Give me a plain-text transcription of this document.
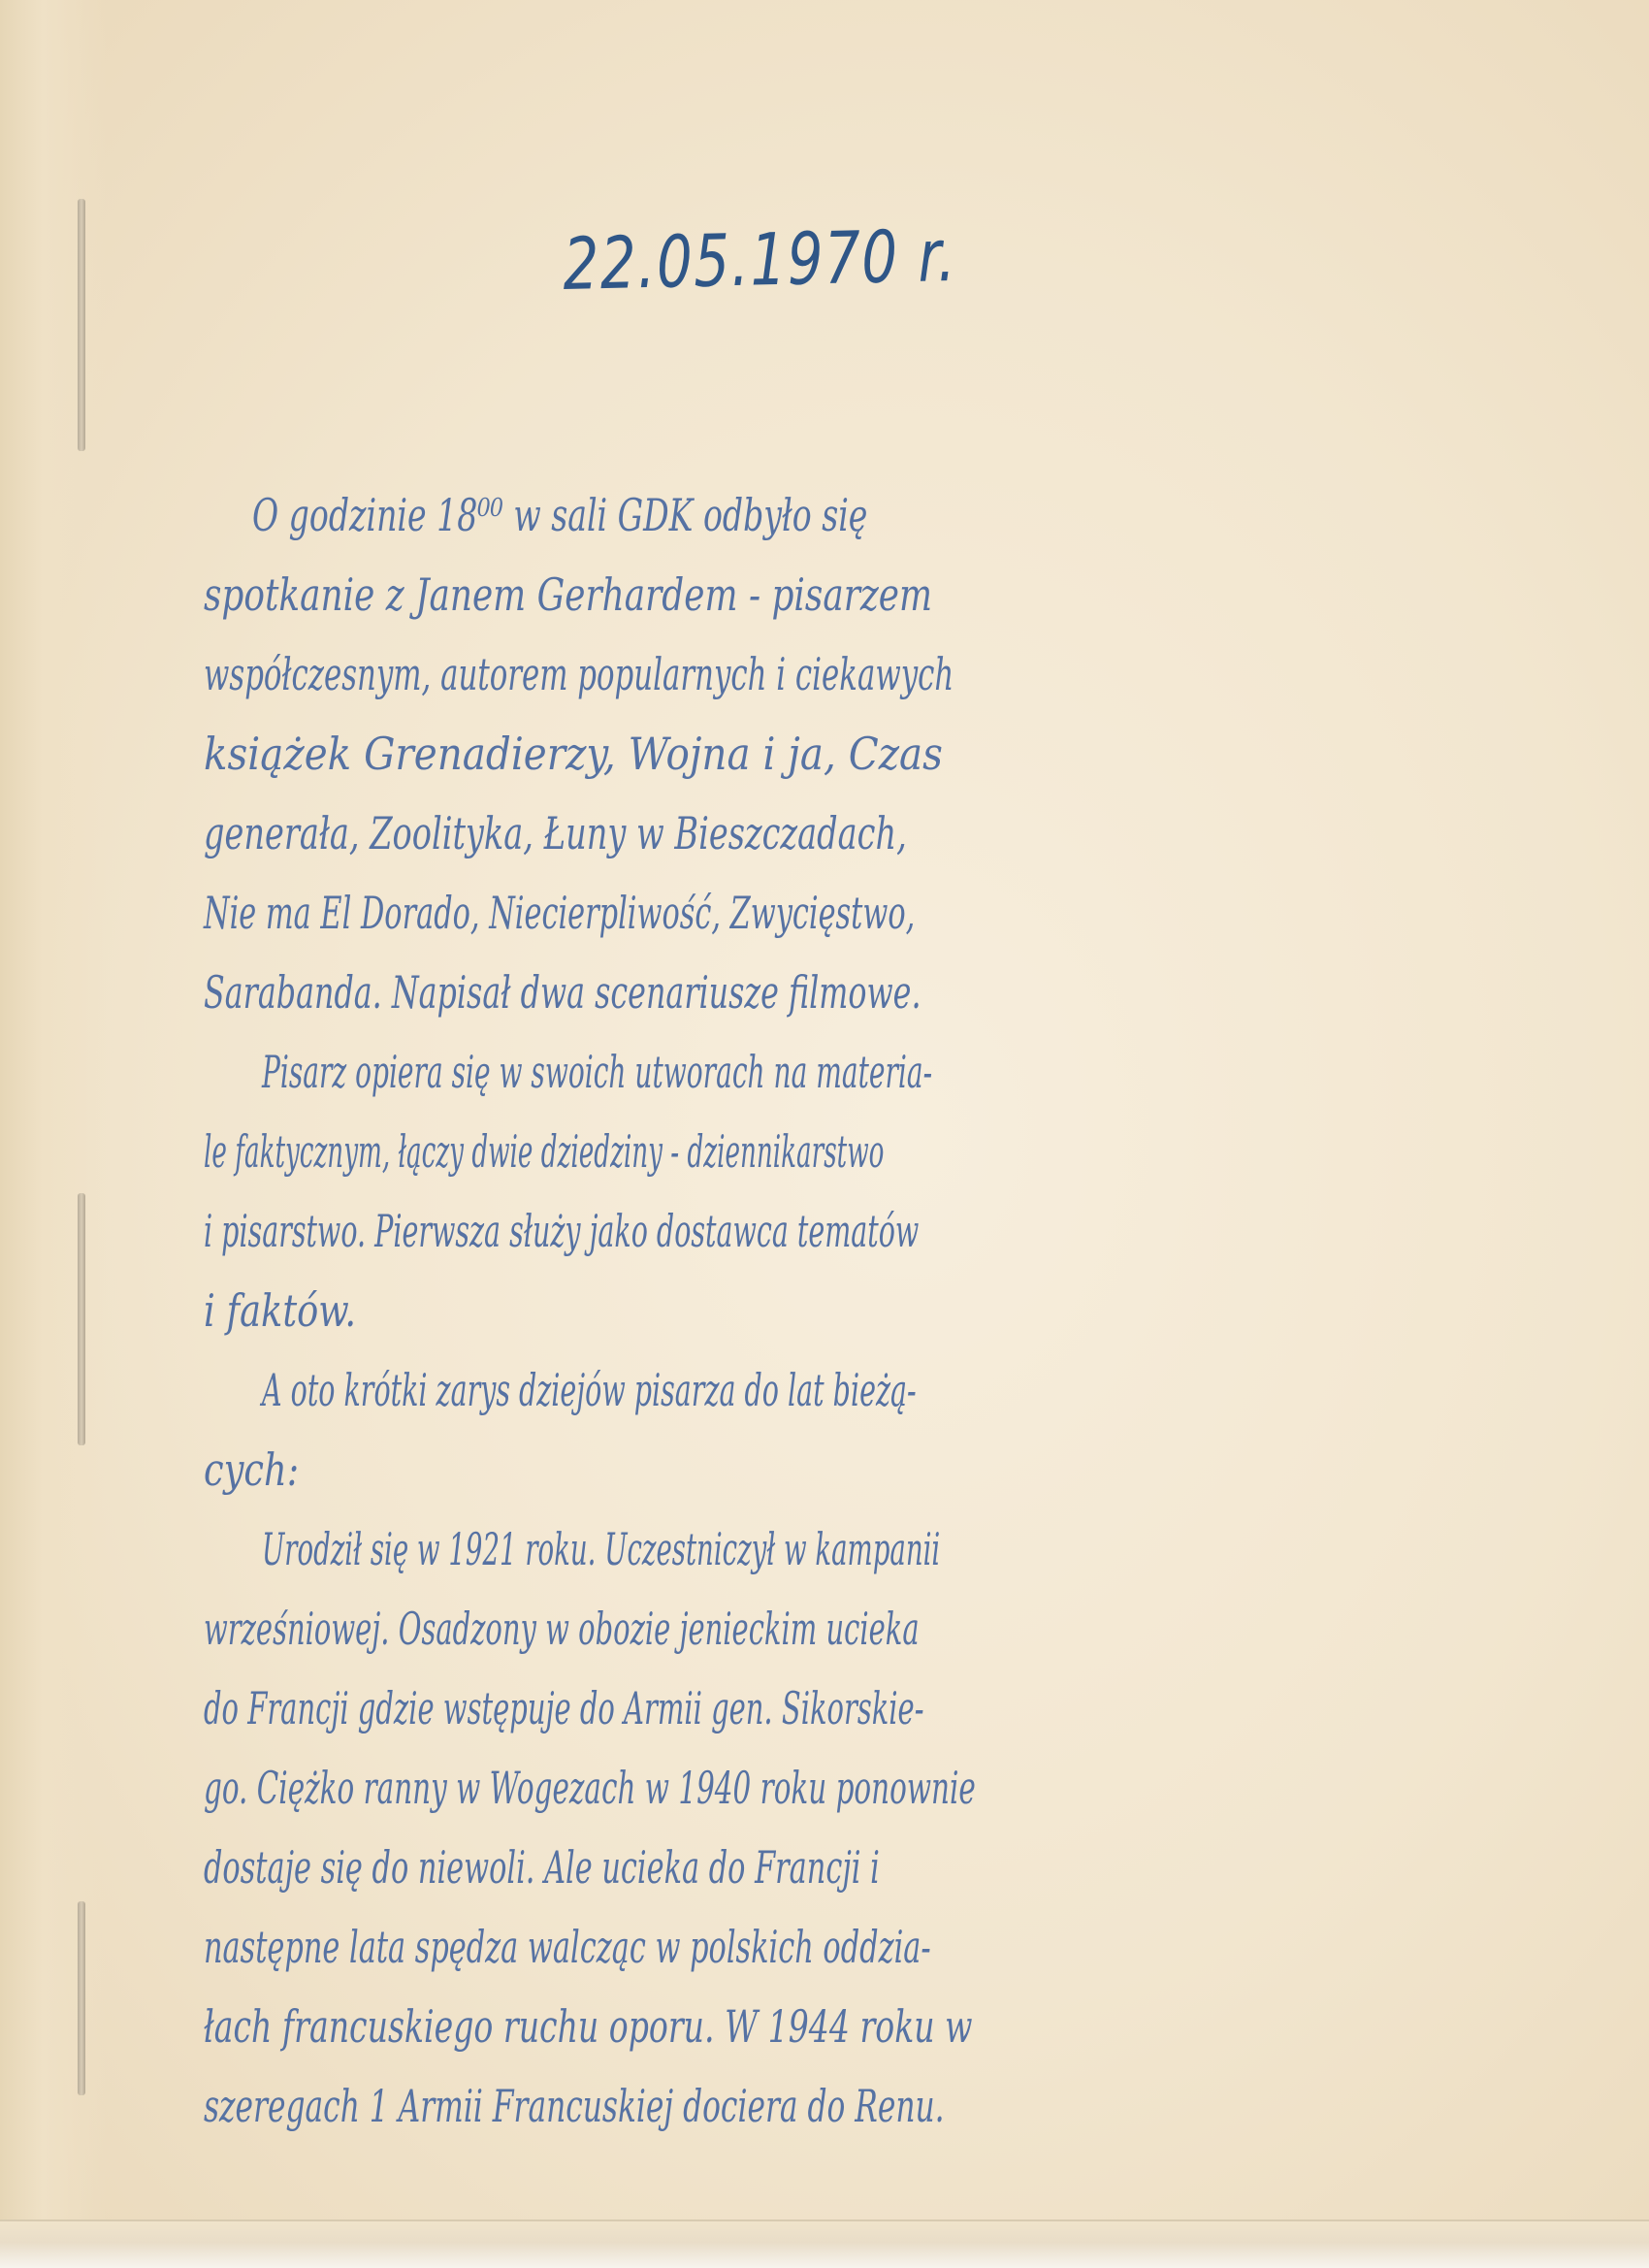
22.05.1970 r.
O godzinie 18⁰⁰ w sali GDK odbyło się
spotkanie z Janem Gerhardem - pisarzem
współczesnym, autorem popularnych i ciekawych
książek Grenadierzy, Wojna i ja, Czas
generała, Zoolityka, Łuny w Bieszczadach,
Nie ma El Dorado, Niecierpliwość, Zwycięstwo,
Sarabanda. Napisał dwa scenariusze filmowe.
Pisarz opiera się w swoich utworach na materia-
le faktycznym, łączy dwie dziedziny - dziennikarstwo
i pisarstwo. Pierwsza służy jako dostawca tematów
i faktów.
A oto krótki zarys dziejów pisarza do lat bieżą-
cych:
Urodził się w 1921 roku. Uczestniczył w kampanii
wrześniowej. Osadzony w obozie jenieckim ucieka
do Francji gdzie wstępuje do Armii gen. Sikorskie-
go. Ciężko ranny w Wogezach w 1940 roku ponownie
dostaje się do niewoli. Ale ucieka do Francji i
następne lata spędza walcząc w polskich oddzia-
łach francuskiego ruchu oporu. W 1944 roku w
szeregach 1 Armii Francuskiej dociera do Renu.
